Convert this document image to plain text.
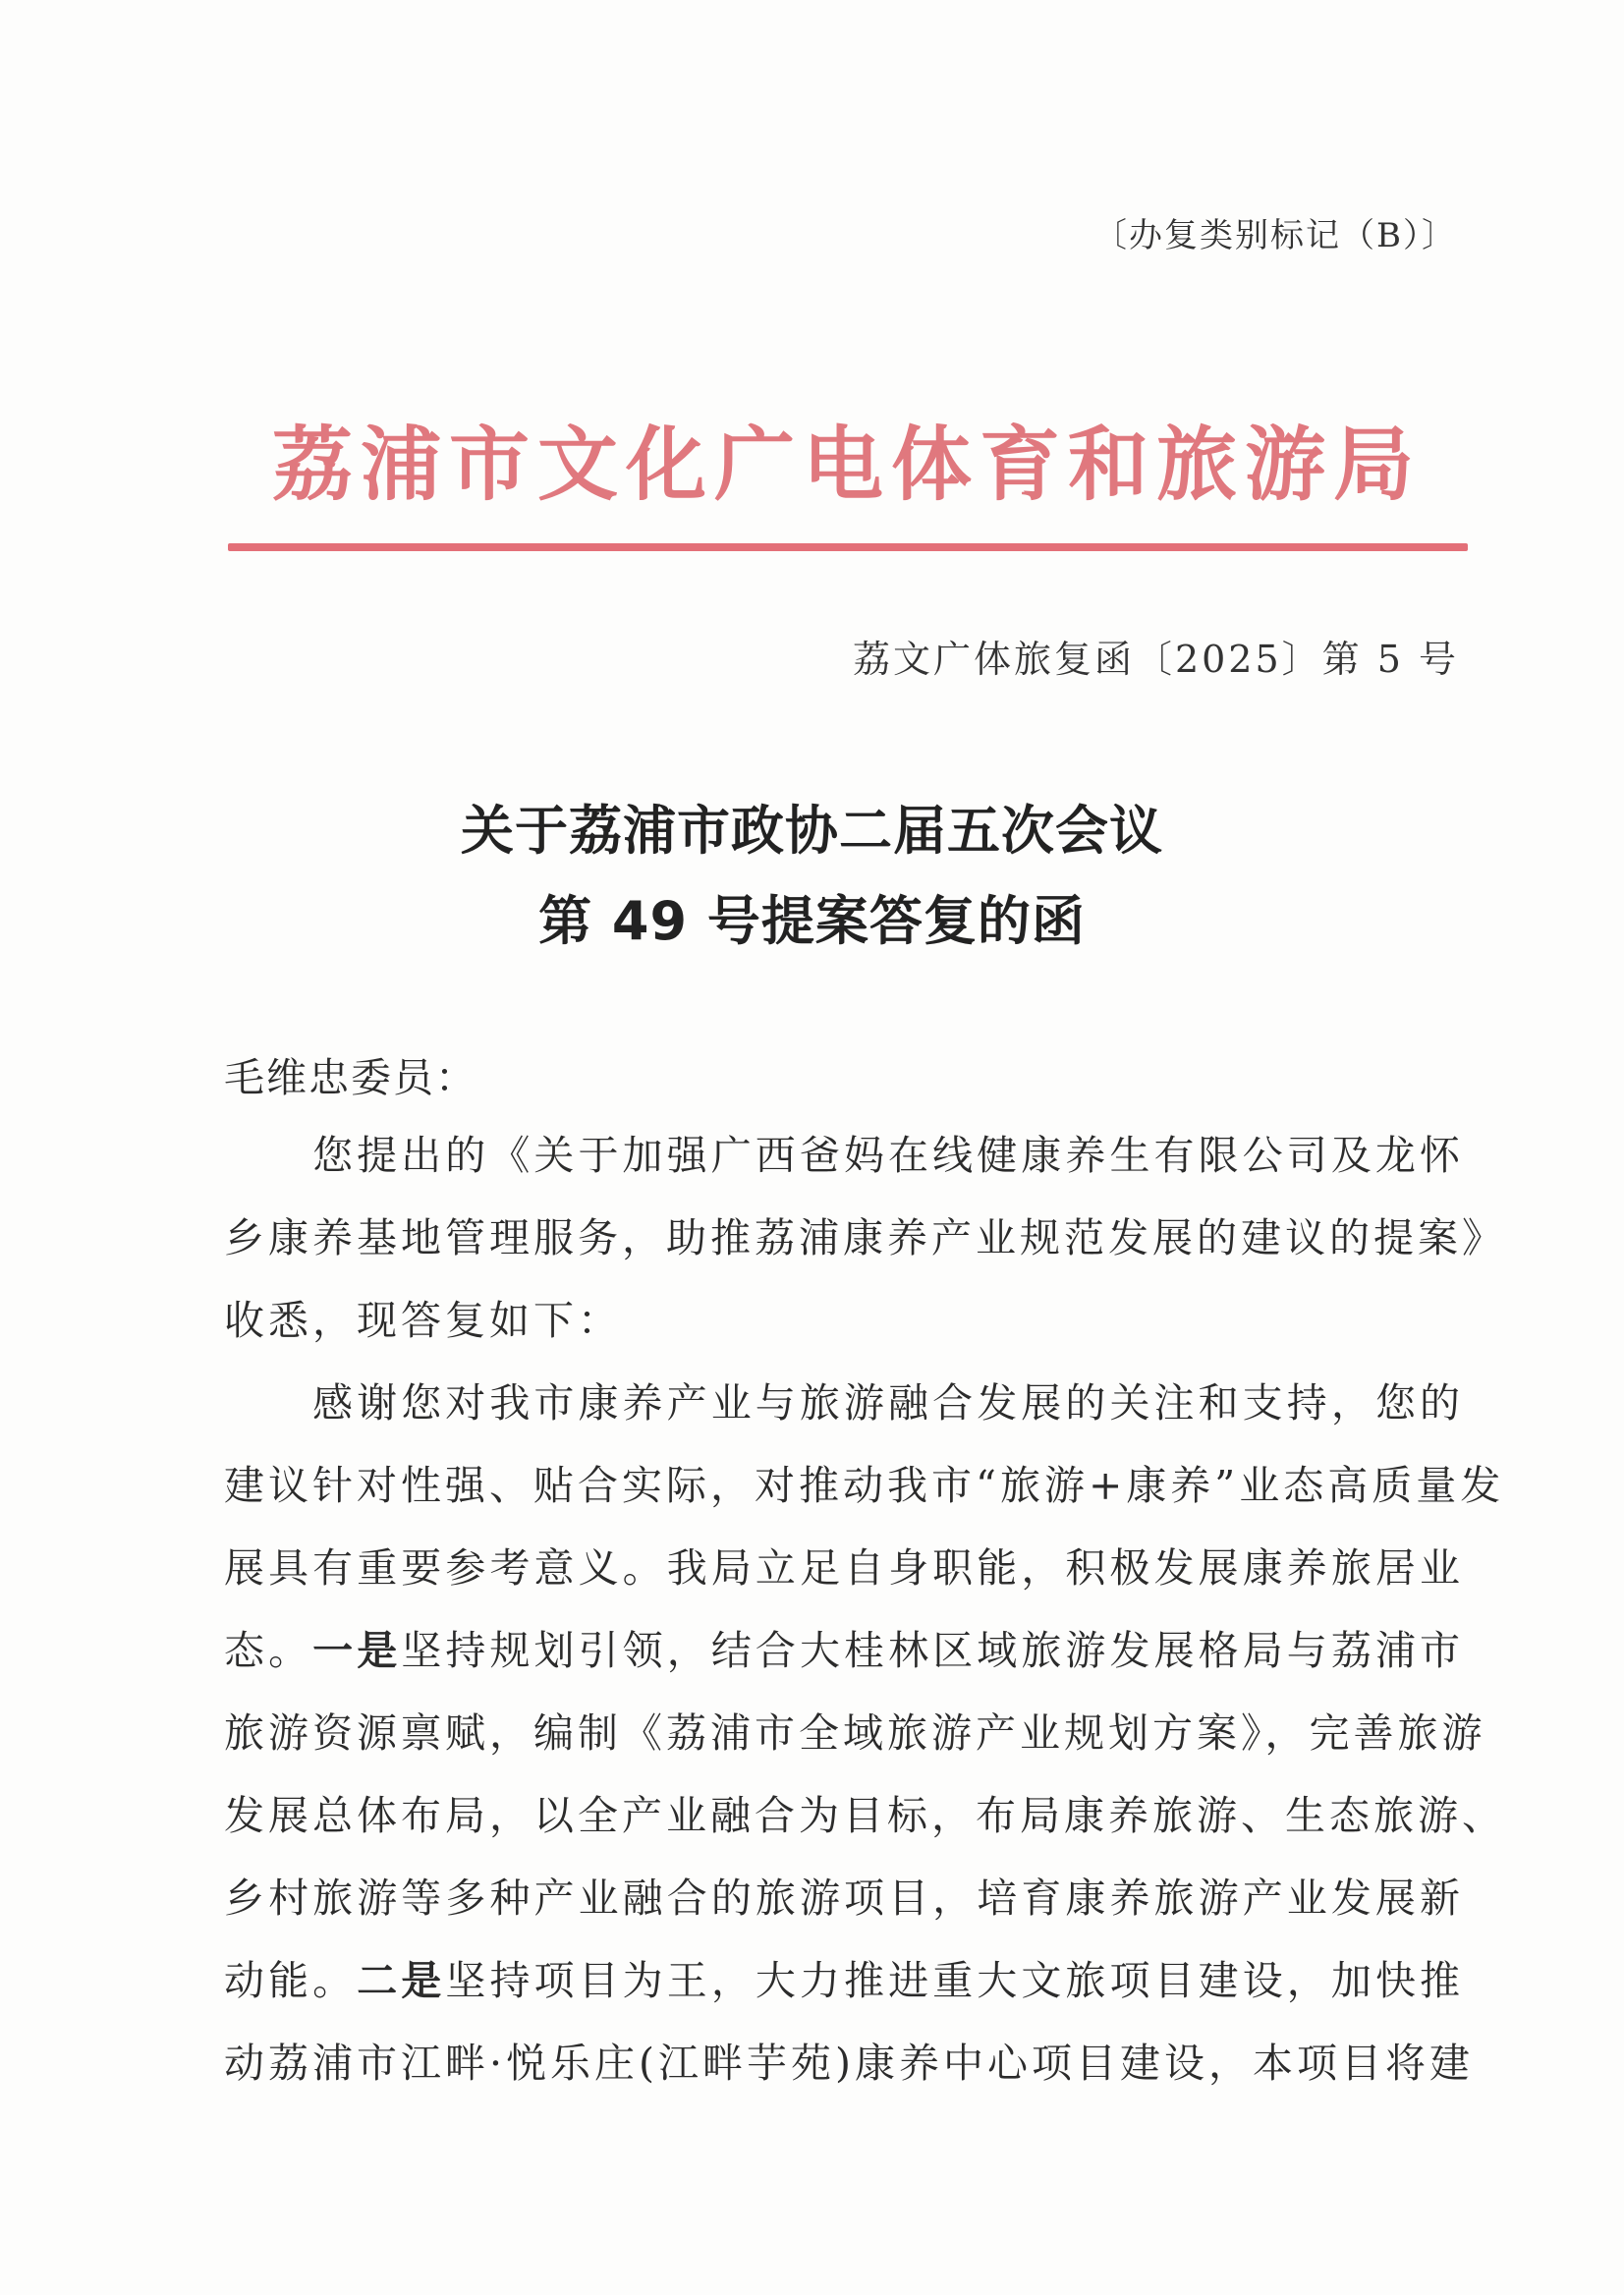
〔办复类别标记（B）〕
荔浦市文化广电体育和旅游局
荔文广体旅复函〔2025〕第 5 号
关于荔浦市政协二届五次会议
第 49 号提案答复的函
毛维忠委员：
您提出的《关于加强广西爸妈在线健康养生有限公司及龙怀
乡康养基地管理服务，助推荔浦康养产业规范发展的建议的提案》
收悉，现答复如下：
感谢您对我市康养产业与旅游融合发展的关注和支持，您的
建议针对性强、贴合实际，对推动我市“旅游+康养”业态高质量发
展具有重要参考意义。我局立足自身职能，积极发展康养旅居业
态。一是坚持规划引领，结合大桂林区域旅游发展格局与荔浦市
旅游资源禀赋，编制《荔浦市全域旅游产业规划方案》，完善旅游
发展总体布局，以全产业融合为目标，布局康养旅游、生态旅游、
乡村旅游等多种产业融合的旅游项目，培育康养旅游产业发展新
动能。二是坚持项目为王，大力推进重大文旅项目建设，加快推
动荔浦市江畔·悦乐庄(江畔芋苑)康养中心项目建设，本项目将建
